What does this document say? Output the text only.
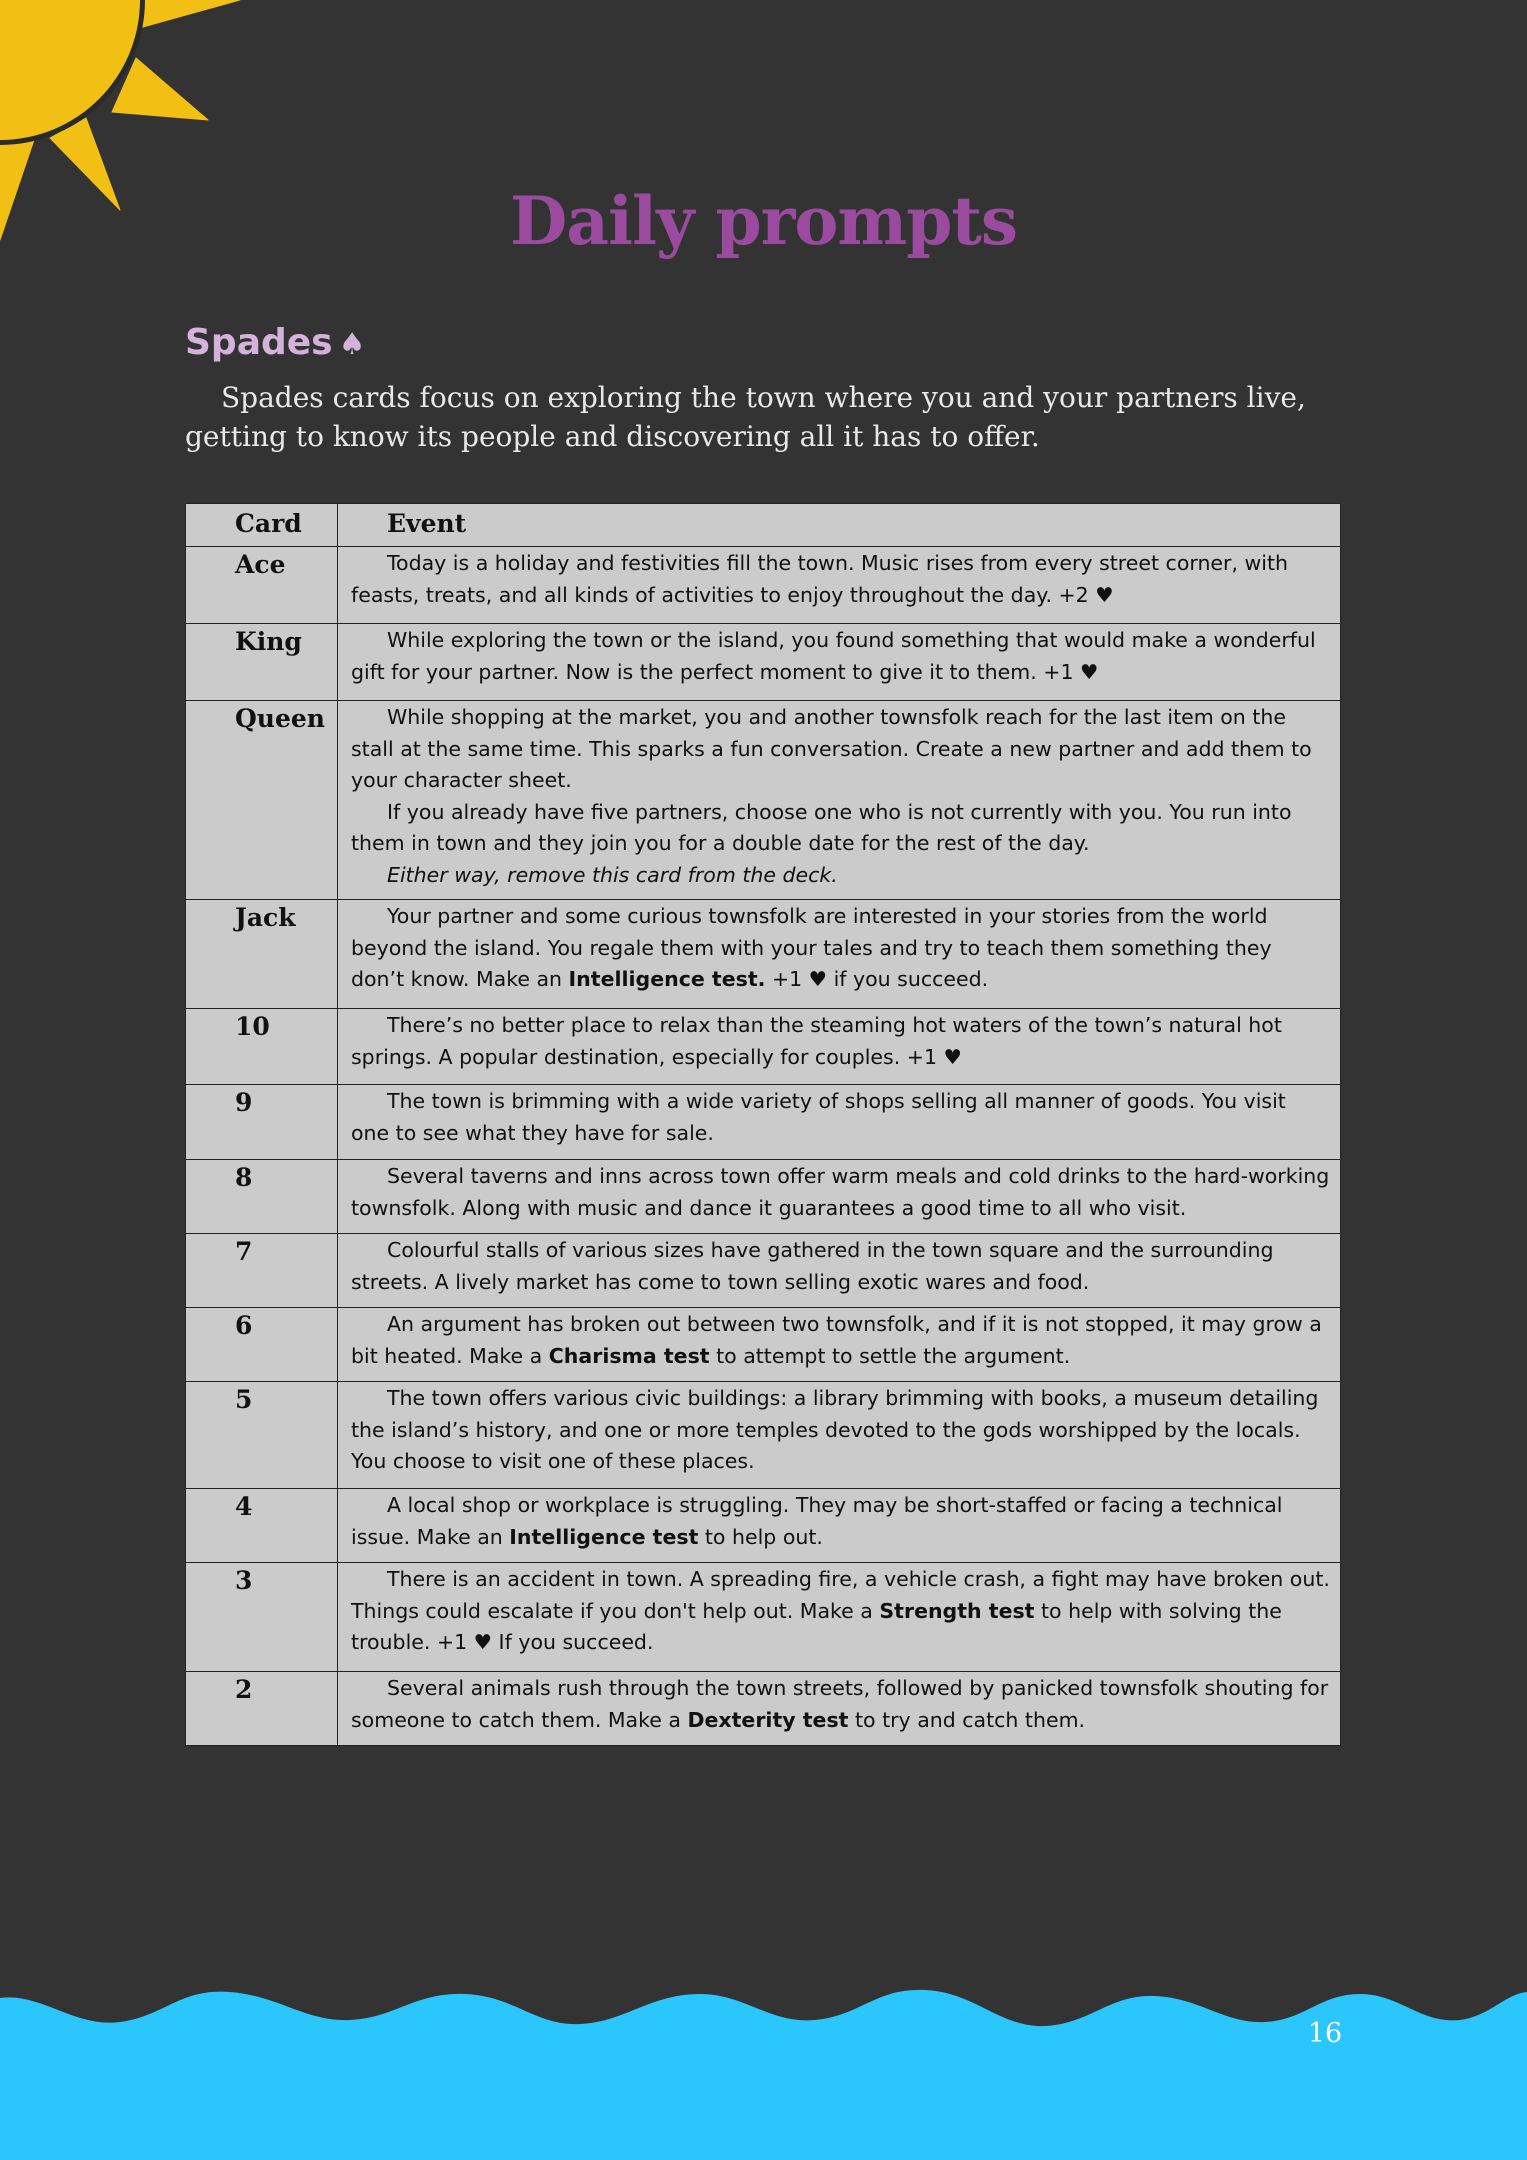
Daily prompts
Spades ♠

Spades cards focus on exploring the town where you and your partners live, getting to know its people and discovering all it has to offer.

Card	Event
Ace	Today is a holiday and festivities fill the town. Music rises from every street corner, with feasts, treats, and all kinds of activities to enjoy throughout the day. +2 ♥

King	While exploring the town or the island, you found something that would make a wonderful gift for your partner. Now is the perfect moment to give it to them. +1 ♥

Queen	While shopping at the market, you and another townsfolk reach for the last item on the stall at the same time. This sparks a fun conversation. Create a new partner and add them to your character sheet.

If you already have five partners, choose one who is not currently with you. You run into them in town and they join you for a double date for the rest of the day.

Either way, remove this card from the deck.

Jack	Your partner and some curious townsfolk are interested in your stories from the world beyond the island. You regale them with your tales and try to teach them something they don’t know. Make an Intelligence test. +1 ♥ if you succeed.

10	There’s no better place to relax than the steaming hot waters of the town’s natural hot springs. A popular destination, especially for couples. +1 ♥

9	The town is brimming with a wide variety of shops selling all manner of goods. You visit one to see what they have for sale.

8	Several taverns and inns across town offer warm meals and cold drinks to the hard-working townsfolk. Along with music and dance it guarantees a good time to all who visit.

7	Colourful stalls of various sizes have gathered in the town square and the surrounding streets. A lively market has come to town selling exotic wares and food.

6	An argument has broken out between two townsfolk, and if it is not stopped, it may grow a bit heated. Make a Charisma test to attempt to settle the argument.

5	The town offers various civic buildings: a library brimming with books, a museum detailing the island’s history, and one or more temples devoted to the gods worshipped by the locals. You choose to visit one of these places.

4	A local shop or workplace is struggling. They may be short-staffed or facing a technical issue. Make an Intelligence test to help out.

3	There is an accident in town. A spreading fire, a vehicle crash, a fight may have broken out. Things could escalate if you don't help out. Make a Strength test to help with solving the trouble. +1 ♥ If you succeed.

2	Several animals rush through the town streets, followed by panicked townsfolk shouting for someone to catch them. Make a Dexterity test to try and catch them.

16
